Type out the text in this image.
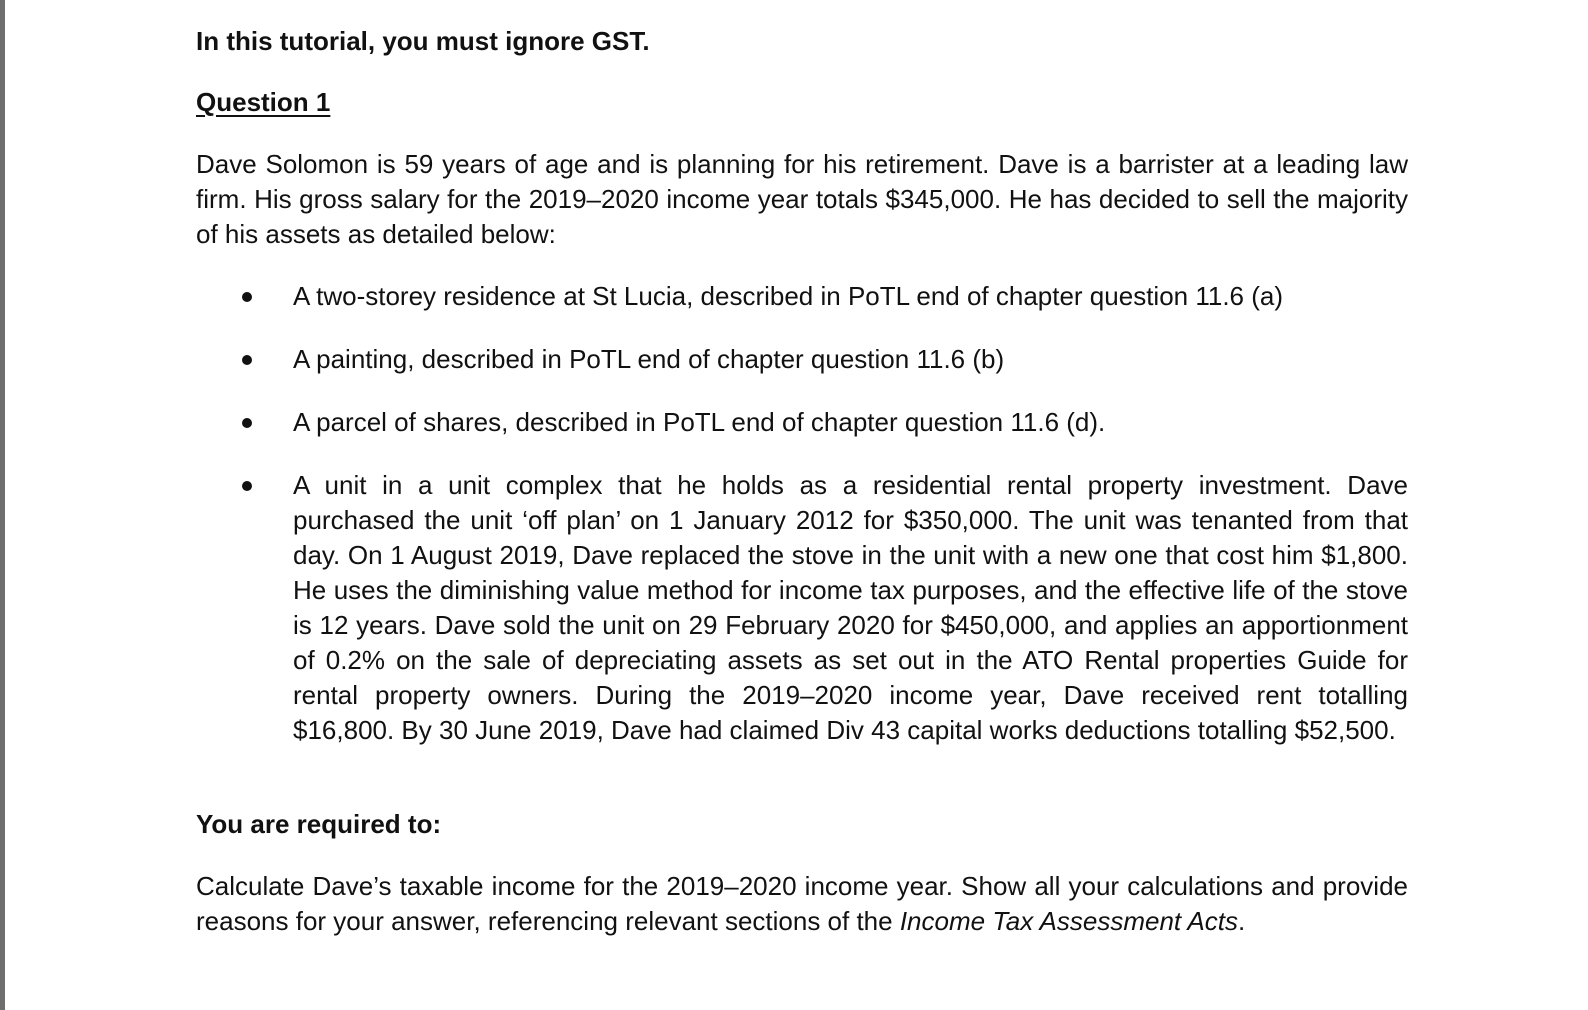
In this tutorial, you must ignore GST.

Question 1

Dave Solomon is 59 years of age and is planning for his retirement. Dave is a barrister at a leading law firm. His gross salary for the 2019–2020 income year totals $345,000. He has decided to sell the majority of his assets as detailed below:

A two-storey residence at St Lucia, described in PoTL end of chapter question 11.6 (a)

A painting, described in PoTL end of chapter question 11.6 (b)

A parcel of shares, described in PoTL end of chapter question 11.6 (d).

A unit in a unit complex that he holds as a residential rental property investment. Dave purchased the unit ‘off plan’ on 1 January 2012 for $350,000. The unit was tenanted from that day. On 1 August 2019, Dave replaced the stove in the unit with a new one that cost him $1,800. He uses the diminishing value method for income tax purposes, and the effective life of the stove is 12 years. Dave sold the unit on 29 February 2020 for $450,000, and applies an apportionment of 0.2% on the sale of depreciating assets as set out in the ATO Rental properties Guide for rental property owners. During the 2019–2020 income year, Dave received rent totalling $16,800. By 30 June 2019, Dave had claimed Div 43 capital works deductions totalling $52,500.

You are required to:

Calculate Dave’s taxable income for the 2019–2020 income year. Show all your calculations and provide reasons for your answer, referencing relevant sections of the Income Tax Assessment Acts.
